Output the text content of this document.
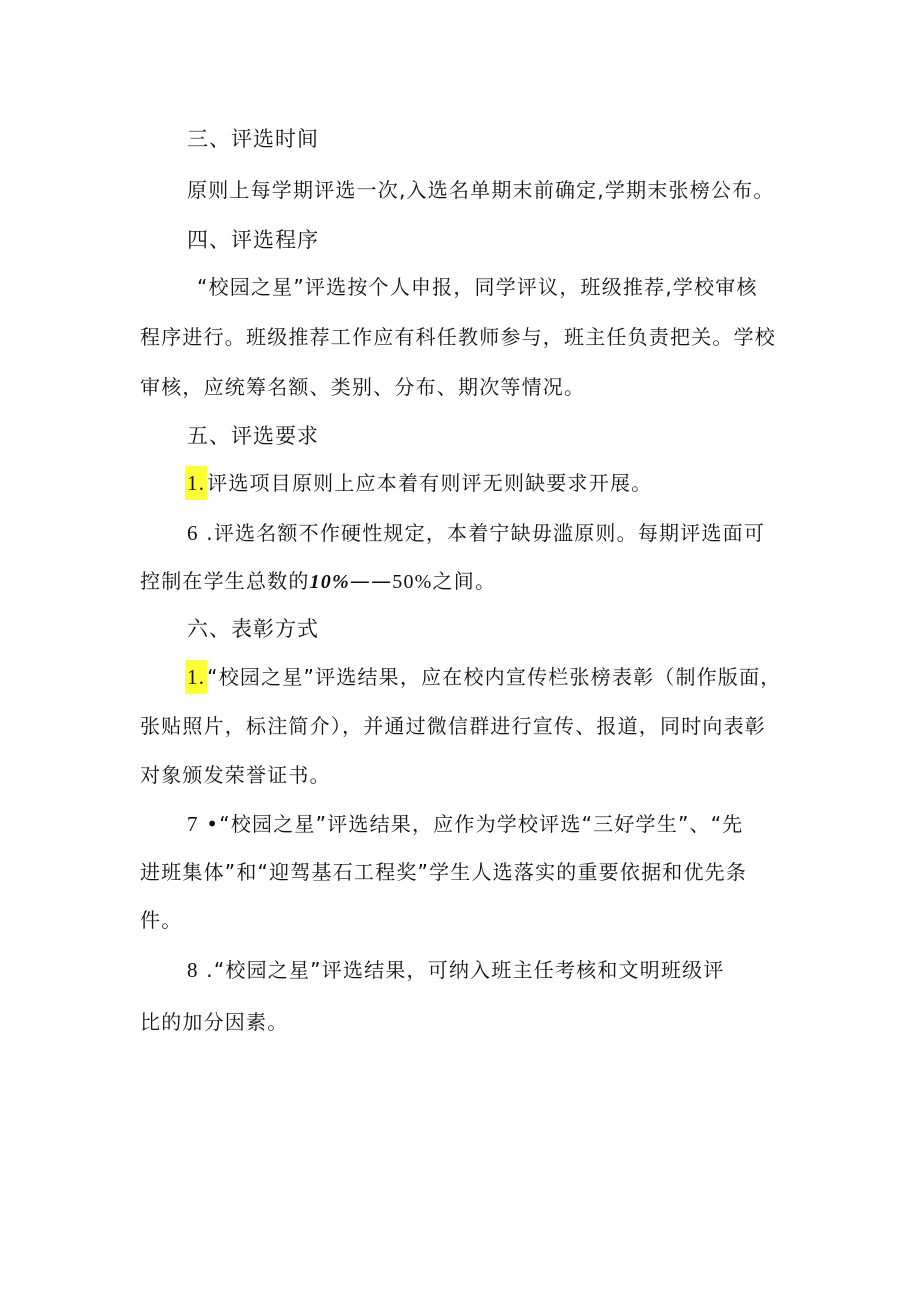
三、评选时间
原则上每学期评选一次,入选名单期末前确定,学期末张榜公布。
四、评选程序
“校园之星”评选按个人申报，同学评议，班级推荐,学校审核
程序进行。班级推荐工作应有科任教师参与，班主任负责把关。学校
审核，应统筹名额、类别、分布、期次等情况。
五、评选要求
1. 评选项目原则上应本着有则评无则缺要求开展。
6 .评选名额不作硬性规定，本着宁缺毋滥原则。每期评选面可
控制在学生总数的10%——50%之间。
六、表彰方式
1. “校园之星”评选结果，应在校内宣传栏张榜表彰（制作版面，
张贴照片，标注简介），并通过微信群进行宣传、报道，同时向表彰
对象颁发荣誉证书。
7 •“校园之星”评选结果，应作为学校评选“三好学生”、“先
进班集体”和“迎驾基石工程奖”学生人选落实的重要依据和优先条
件。
8 .“校园之星”评选结果，可纳入班主任考核和文明班级评
比的加分因素。
